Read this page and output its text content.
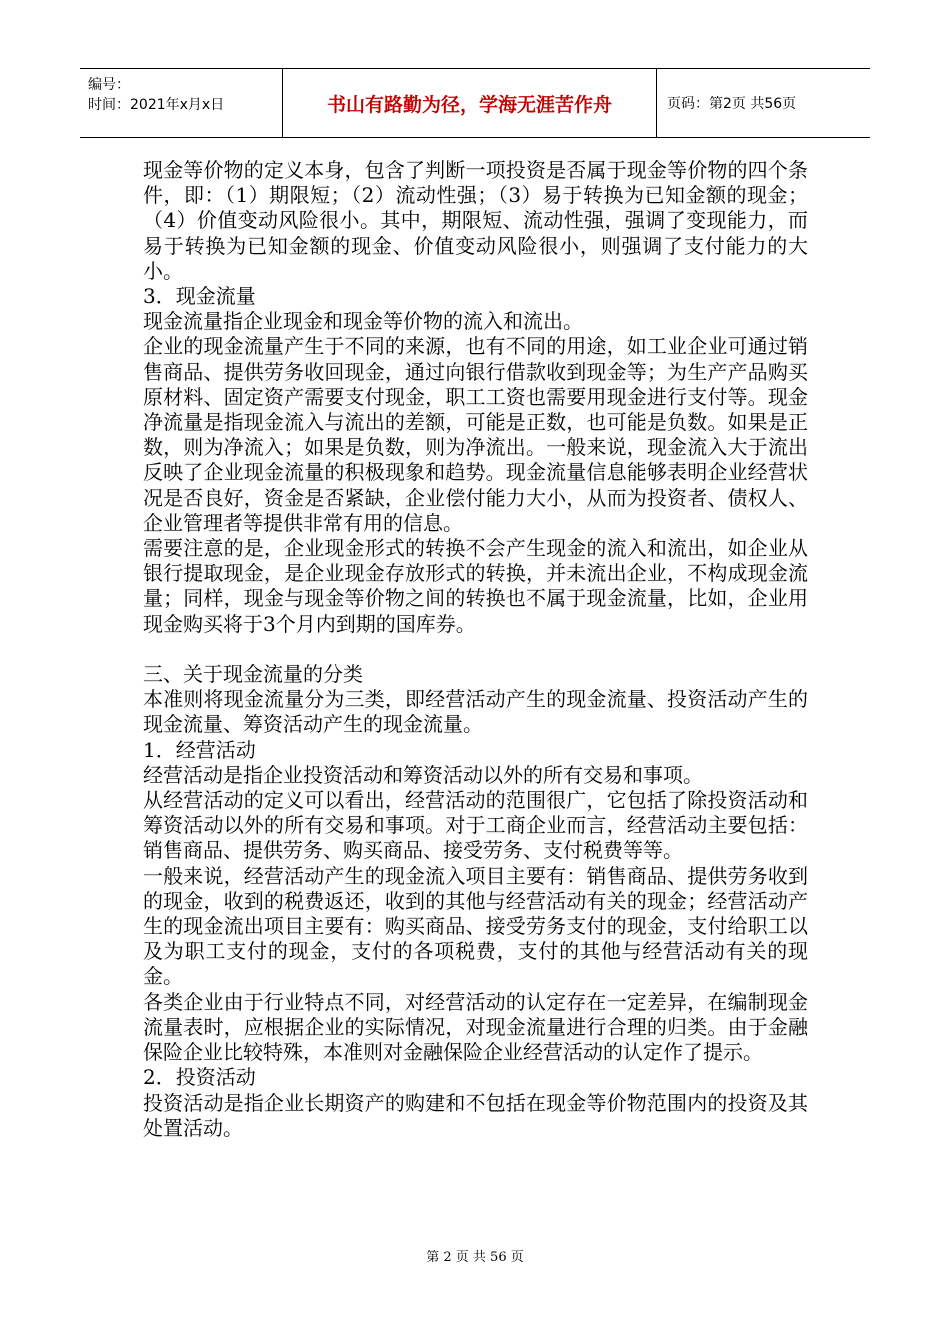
编号：
时间：2021年x月x日	书山有路勤为径，学海无涯苦作舟	页码：第2页 共56页

现金等价物的定义本身，包含了判断一项投资是否属于现金等价物的四个条件，即：（1）期限短；（2）流动性强；（3）易于转换为已知金额的现金；（4）价值变动风险很小。其中，期限短、流动性强，强调了变现能力，而易于转换为已知金额的现金、价值变动风险很小，则强调了支付能力的大小。

3．现金流量

现金流量指企业现金和现金等价物的流入和流出。

企业的现金流量产生于不同的来源，也有不同的用途，如工业企业可通过销售商品、提供劳务收回现金，通过向银行借款收到现金等；为生产产品购买原材料、固定资产需要支付现金，职工工资也需要用现金进行支付等。现金净流量是指现金流入与流出的差额，可能是正数，也可能是负数。如果是正数，则为净流入；如果是负数，则为净流出。一般来说，现金流入大于流出反映了企业现金流量的积极现象和趋势。现金流量信息能够表明企业经营状况是否良好，资金是否紧缺，企业偿付能力大小，从而为投资者、债权人、企业管理者等提供非常有用的信息。

需要注意的是，企业现金形式的转换不会产生现金的流入和流出，如企业从银行提取现金，是企业现金存放形式的转换，并未流出企业，不构成现金流量；同样，现金与现金等价物之间的转换也不属于现金流量，比如，企业用现金购买将于3个月内到期的国库券。

三、关于现金流量的分类

本准则将现金流量分为三类，即经营活动产生的现金流量、投资活动产生的现金流量、筹资活动产生的现金流量。

1．经营活动

经营活动是指企业投资活动和筹资活动以外的所有交易和事项。

从经营活动的定义可以看出，经营活动的范围很广，它包括了除投资活动和筹资活动以外的所有交易和事项。对于工商企业而言，经营活动主要包括：销售商品、提供劳务、购买商品、接受劳务、支付税费等等。

一般来说，经营活动产生的现金流入项目主要有：销售商品、提供劳务收到的现金，收到的税费返还，收到的其他与经营活动有关的现金；经营活动产生的现金流出项目主要有：购买商品、接受劳务支付的现金，支付给职工以及为职工支付的现金，支付的各项税费，支付的其他与经营活动有关的现金。

各类企业由于行业特点不同，对经营活动的认定存在一定差异，在编制现金流量表时，应根据企业的实际情况，对现金流量进行合理的归类。由于金融保险企业比较特殊，本准则对金融保险企业经营活动的认定作了提示。

2．投资活动

投资活动是指企业长期资产的购建和不包括在现金等价物范围内的投资及其处置活动。

第 2 页 共 56 页
